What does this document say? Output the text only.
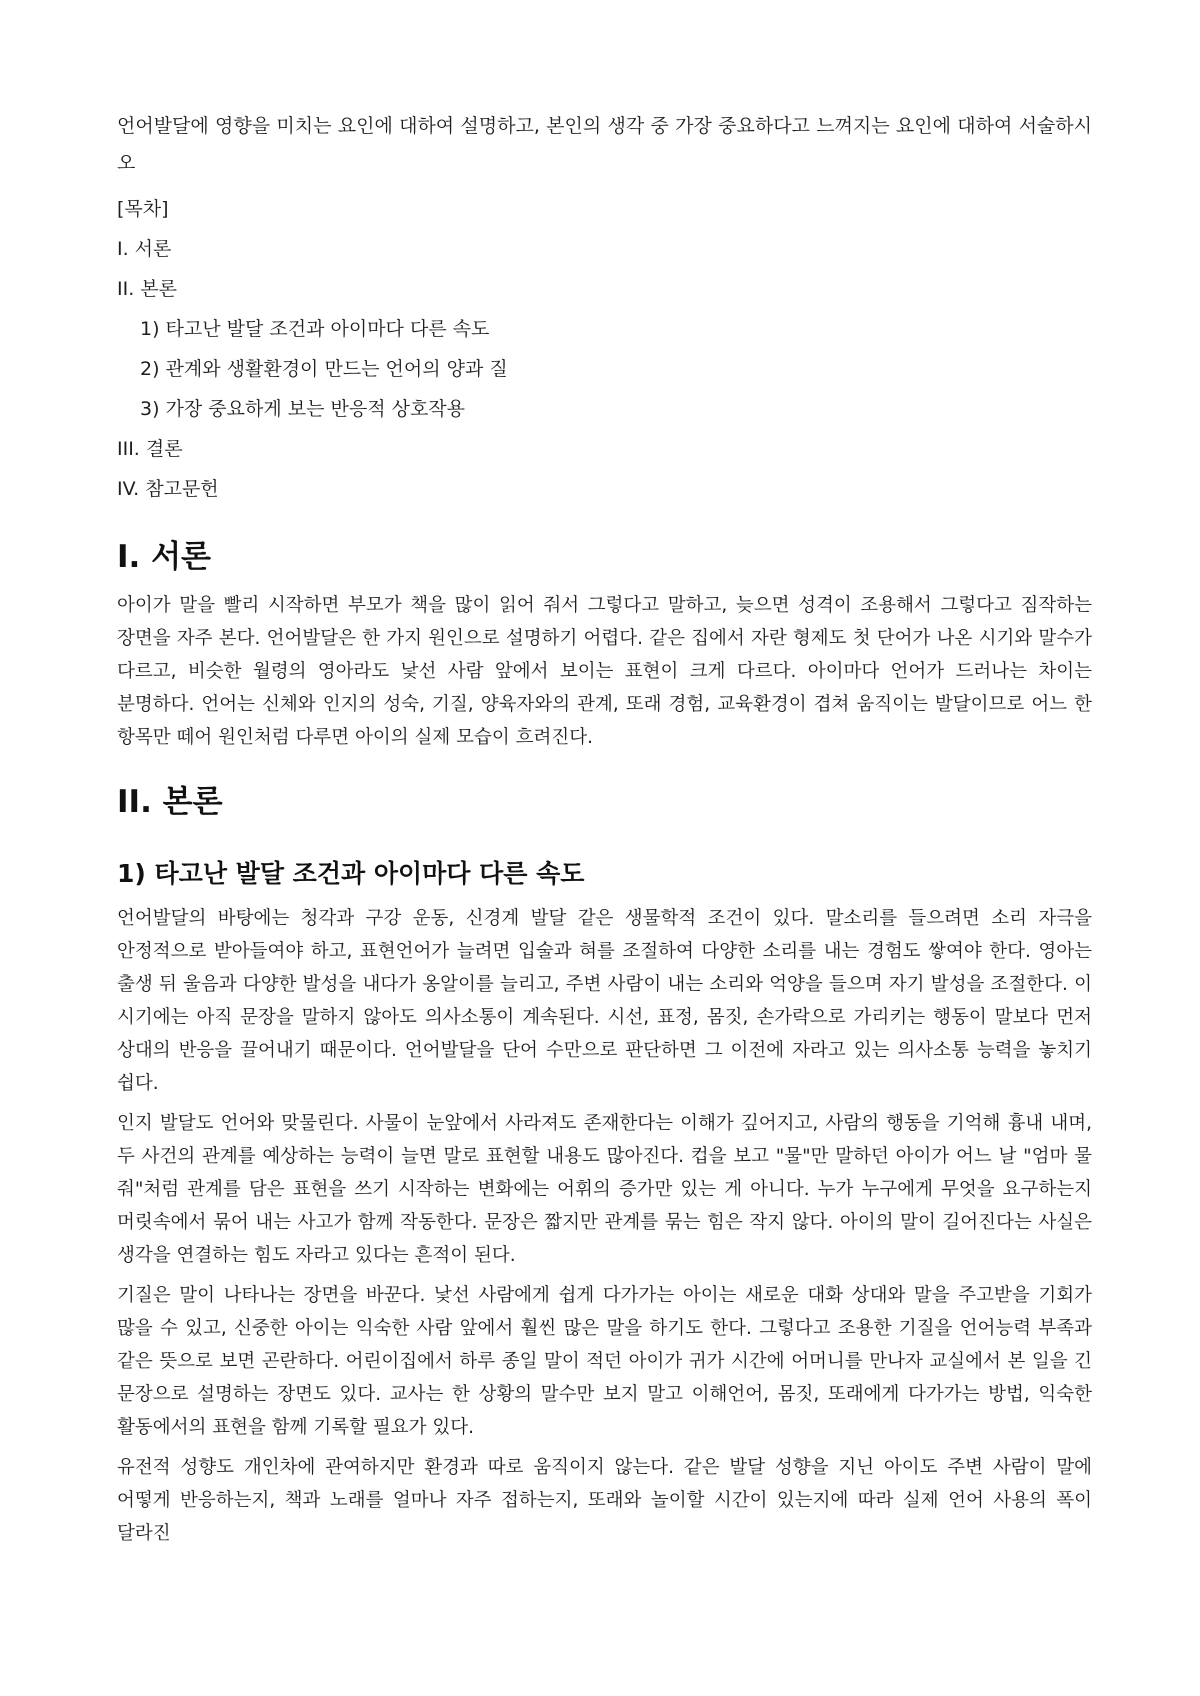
언어발달에 영향을 미치는 요인에 대하여 설명하고, 본인의 생각 중 가장 중요하다고 느껴지는 요인에 대하여 서술하시오

[목차]

I. 서론

II. 본론

1) 타고난 발달 조건과 아이마다 다른 속도

2) 관계와 생활환경이 만드는 언어의 양과 질

3) 가장 중요하게 보는 반응적 상호작용

III. 결론

IV. 참고문헌

I. 서론

아이가 말을 빨리 시작하면 부모가 책을 많이 읽어 줘서 그렇다고 말하고, 늦으면 성격이 조용해서 그렇다고 짐작하는 장면을 자주 본다. 언어발달은 한 가지 원인으로 설명하기 어렵다. 같은 집에서 자란 형제도 첫 단어가 나온 시기와 말수가 다르고, 비슷한 월령의 영아라도 낯선 사람 앞에서 보이는 표현이 크게 다르다. 아이마다 언어가 드러나는 차이는 분명하다. 언어는 신체와 인지의 성숙, 기질, 양육자와의 관계, 또래 경험, 교육환경이 겹쳐 움직이는 발달이므로 어느 한 항목만 떼어 원인처럼 다루면 아이의 실제 모습이 흐려진다.

II. 본론
1) 타고난 발달 조건과 아이마다 다른 속도

언어발달의 바탕에는 청각과 구강 운동, 신경계 발달 같은 생물학적 조건이 있다. 말소리를 들으려면 소리 자극을 안정적으로 받아들여야 하고, 표현언어가 늘려면 입술과 혀를 조절하여 다양한 소리를 내는 경험도 쌓여야 한다. 영아는 출생 뒤 울음과 다양한 발성을 내다가 옹알이를 늘리고, 주변 사람이 내는 소리와 억양을 들으며 자기 발성을 조절한다. 이 시기에는 아직 문장을 말하지 않아도 의사소통이 계속된다. 시선, 표정, 몸짓, 손가락으로 가리키는 행동이 말보다 먼저 상대의 반응을 끌어내기 때문이다. 언어발달을 단어 수만으로 판단하면 그 이전에 자라고 있는 의사소통 능력을 놓치기 쉽다.

인지 발달도 언어와 맞물린다. 사물이 눈앞에서 사라져도 존재한다는 이해가 깊어지고, 사람의 행동을 기억해 흉내 내며, 두 사건의 관계를 예상하는 능력이 늘면 말로 표현할 내용도 많아진다. 컵을 보고 "물"만 말하던 아이가 어느 날 "엄마 물 줘"처럼 관계를 담은 표현을 쓰기 시작하는 변화에는 어휘의 증가만 있는 게 아니다. 누가 누구에게 무엇을 요구하는지 머릿속에서 묶어 내는 사고가 함께 작동한다. 문장은 짧지만 관계를 묶는 힘은 작지 않다. 아이의 말이 길어진다는 사실은 생각을 연결하는 힘도 자라고 있다는 흔적이 된다.

기질은 말이 나타나는 장면을 바꾼다. 낯선 사람에게 쉽게 다가가는 아이는 새로운 대화 상대와 말을 주고받을 기회가 많을 수 있고, 신중한 아이는 익숙한 사람 앞에서 훨씬 많은 말을 하기도 한다. 그렇다고 조용한 기질을 언어능력 부족과 같은 뜻으로 보면 곤란하다. 어린이집에서 하루 종일 말이 적던 아이가 귀가 시간에 어머니를 만나자 교실에서 본 일을 긴 문장으로 설명하는 장면도 있다. 교사는 한 상황의 말수만 보지 말고 이해언어, 몸짓, 또래에게 다가가는 방법, 익숙한 활동에서의 표현을 함께 기록할 필요가 있다.

유전적 성향도 개인차에 관여하지만 환경과 따로 움직이지 않는다. 같은 발달 성향을 지닌 아이도 주변 사람이 말에 어떻게 반응하는지, 책과 노래를 얼마나 자주 접하는지, 또래와 놀이할 시간이 있는지에 따라 실제 언어 사용의 폭이 달라진
